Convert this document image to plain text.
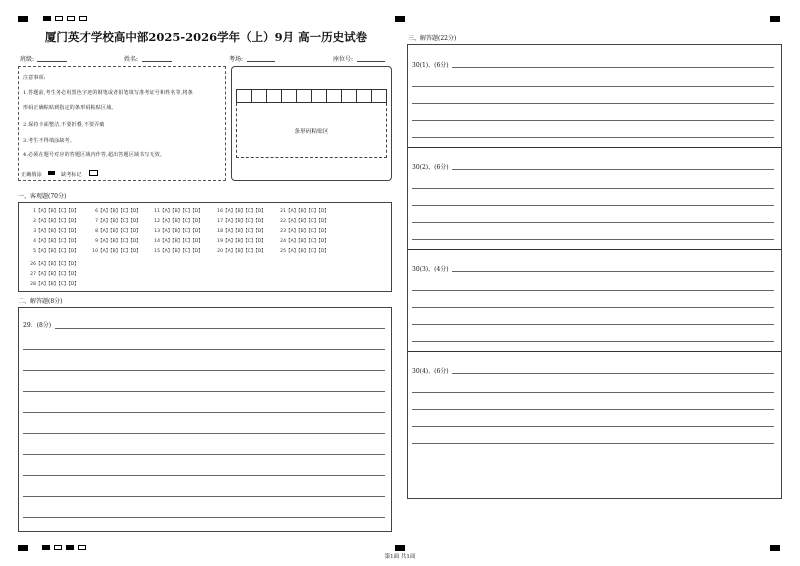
厦门英才学校高中部2025-2026学年（上）9月 高一历史试卷
班级:	姓名:	考场:	座位号:
注意事项:
1.答题前,考生务必用黑色字迹的钢笔或者铅笔填写准考证号和姓名等,将条
形码正确粘贴到指定的条形码粘贴区域。
2.保持卡面整洁,不要折叠,不要弄破
3.考生不得填涂缺考。
4.必须在题号对应的答题区域内作答,超出答题区域书写无效。
正确填涂	缺考标记
条形码粘贴区
一、客观题(70分)
1【A】【B】【C】【D】
2【A】【B】【C】【D】
3【A】【B】【C】【D】
4【A】【B】【C】【D】
5【A】【B】【C】【D】
6【A】【B】【C】【D】
7【A】【B】【C】【D】
8【A】【B】【C】【D】
9【A】【B】【C】【D】
10【A】【B】【C】【D】
11【A】【B】【C】【D】
12【A】【B】【C】【D】
13【A】【B】【C】【D】
14【A】【B】【C】【D】
15【A】【B】【C】【D】
16【A】【B】【C】【D】
17【A】【B】【C】【D】
18【A】【B】【C】【D】
19【A】【B】【C】【D】
20【A】【B】【C】【D】
21【A】【B】【C】【D】
22【A】【B】【C】【D】
23【A】【B】【C】【D】
24【A】【B】【C】【D】
25【A】【B】【C】【D】
26【A】【B】【C】【D】
27【A】【B】【C】【D】
28【A】【B】【C】【D】
二、解答题(8分)
29．(8分)
三、解答题(22分)
30(1)、(6分)
30(2)、(6分)
30(3)、(4分)
30(4)、(6分)
第1面 共1面
